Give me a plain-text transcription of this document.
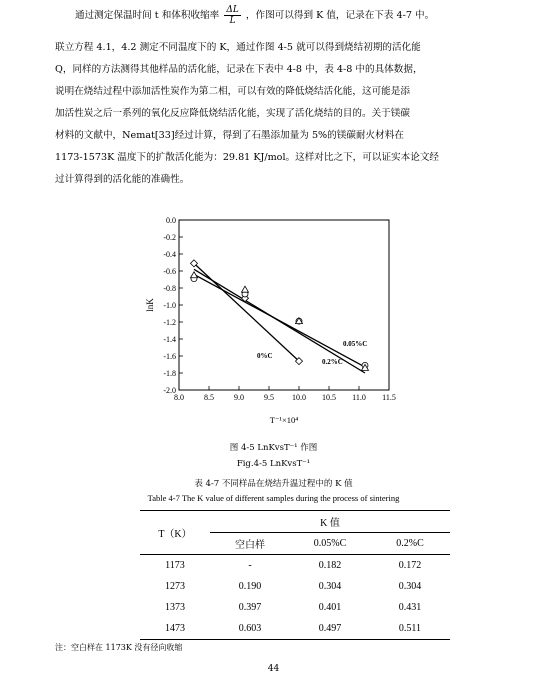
通过测定保温时间 t 和体积收缩率 $\frac{\Delta L}{L}$ ，作图可以得到 K 值，记录在下表 4-7 中。
联立方程 4.1，4.2 测定不同温度下的 K，通过作图 4-5 就可以得到烧结初期的活化能
Q，同样的方法测得其他样品的活化能，记录在下表中 4-8 中，表 4-8 中的具体数据，
说明在烧结过程中添加活性炭作为第二相，可以有效的降低烧结活化能，这可能是添
加活性炭之后一系列的氧化反应降低烧结活化能，实现了活化烧结的目的。关于镁碳
材料的文献中，Nemat[33]经过计算，得到了石墨添加量为 5%的镁碳耐火材料在
1173-1573K 温度下的扩散活化能为：29.81 KJ/mol。这样对比之下，可以证实本论文经
过计算得到的活化能的准确性。
8.0	8.5	9.0	9.5 10.0 10.5 11.0 11.5
0.0
-0.2
-0.4
-0.6
-0.8
-1.0
-1.2
-1.4
-1.6
-1.8
-2.0
0.05%C
0.2%C
0%C
lnK
T⁻¹×10⁴
图 4-5 LnKvsT⁻¹ 作图
Fig.4-5 LnKvsT⁻¹
表 4-7 不同样品在烧结升温过程中的 K 值
Table 4-7 The K value of different samples during the process of sintering
T（K）	K 值		
	空白样	0.05%C	0.2%C
1173	-	0.182	0.172
1273	0.190	0.304	0.304
1373	0.397	0.401	0.431
1473	0.603	0.497	0.511
注：空白样在 1173K 没有径向收缩
44
